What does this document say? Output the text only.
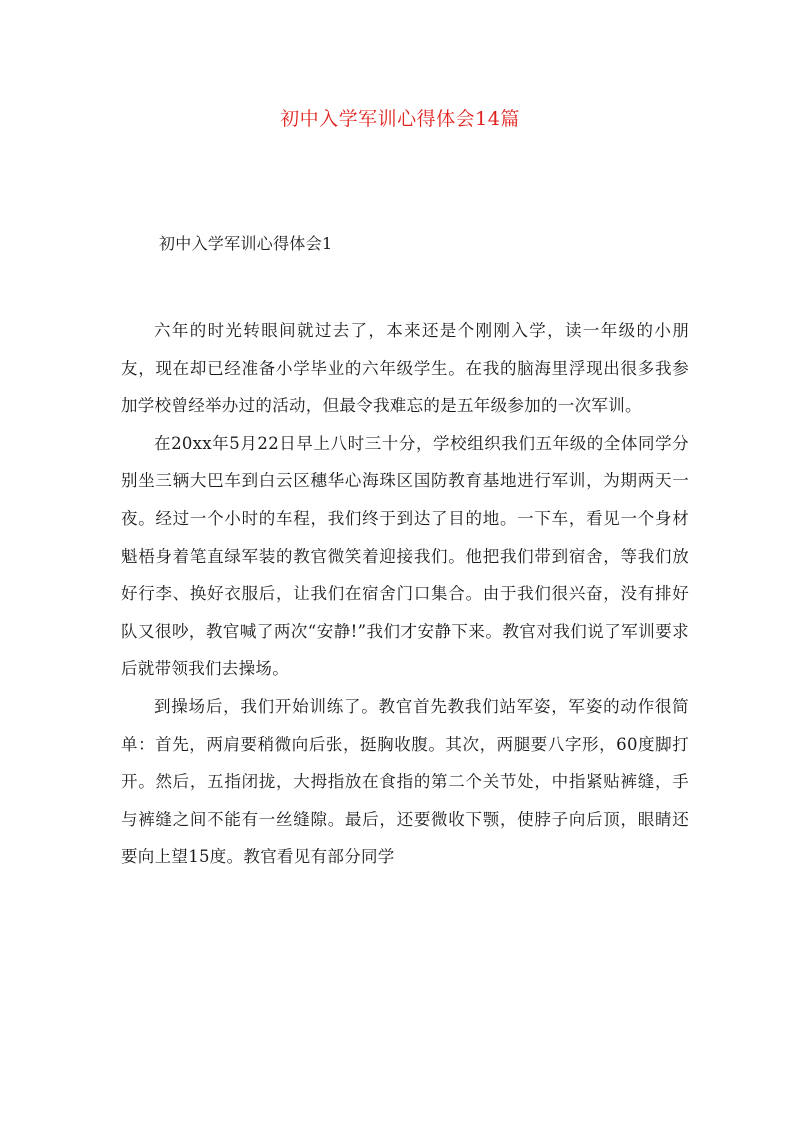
初中入学军训心得体会14篇
初中入学军训心得体会1

六年的时光转眼间就过去了，本来还是个刚刚入学，读一年级的小朋友，现在却已经准备小学毕业的六年级学生。在我的脑海里浮现出很多我参加学校曾经举办过的活动，但最令我难忘的是五年级参加的一次军训。

在20xx年5月22日早上八时三十分，学校组织我们五年级的全体同学分别坐三辆大巴车到白云区穗华心海珠区国防教育基地进行军训，为期两天一夜。经过一个小时的车程，我们终于到达了目的地。一下车，看见一个身材魁梧身着笔直绿军装的教官微笑着迎接我们。他把我们带到宿舍，等我们放好行李、换好衣服后，让我们在宿舍门口集合。由于我们很兴奋，没有排好队又很吵，教官喊了两次“安静!”我们才安静下来。教官对我们说了军训要求后就带领我们去操场。

到操场后，我们开始训练了。教官首先教我们站军姿，军姿的动作很简单：首先，两肩要稍微向后张，挺胸收腹。其次，两腿要八字形，60度脚打开。然后，五指闭拢，大拇指放在食指的第二个关节处，中指紧贴裤缝，手与裤缝之间不能有一丝缝隙。最后，还要微收下颚，使脖子向后顶，眼睛还要向上望15度。教官看见有部分同学
